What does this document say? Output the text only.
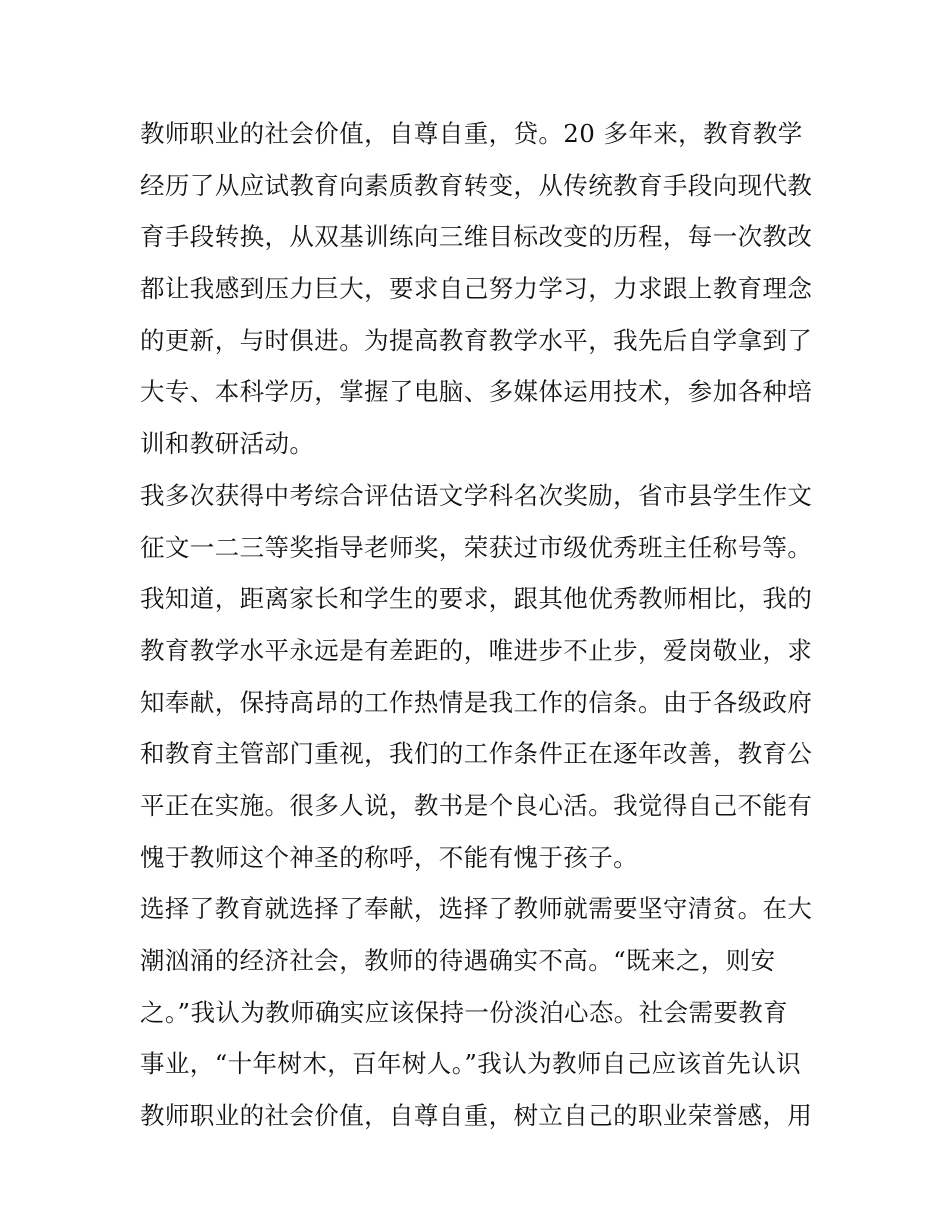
教师职业的社会价值，自尊自重，贷。20 多年来，教育教学
经历了从应试教育向素质教育转变，从传统教育手段向现代教
育手段转换，从双基训练向三维目标改变的历程，每一次教改
都让我感到压力巨大，要求自己努力学习，力求跟上教育理念
的更新，与时俱进。为提高教育教学水平，我先后自学拿到了
大专、本科学历，掌握了电脑、多媒体运用技术，参加各种培
训和教研活动。
我多次获得中考综合评估语文学科名次奖励，省市县学生作文
征文一二三等奖指导老师奖，荣获过市级优秀班主任称号等。
我知道，距离家长和学生的要求，跟其他优秀教师相比，我的
教育教学水平永远是有差距的，唯进步不止步，爱岗敬业，求
知奉献，保持高昂的工作热情是我工作的信条。由于各级政府
和教育主管部门重视，我们的工作条件正在逐年改善，教育公
平正在实施。很多人说，教书是个良心活。我觉得自己不能有
愧于教师这个神圣的称呼，不能有愧于孩子。
选择了教育就选择了奉献，选择了教师就需要坚守清贫。在大
潮汹涌的经济社会，教师的待遇确实不高。“既来之，则安
之。”我认为教师确实应该保持一份淡泊心态。社会需要教育
事业，“十年树木，百年树人。”我认为教师自己应该首先认识
教师职业的社会价值，自尊自重，树立自己的职业荣誉感，用
